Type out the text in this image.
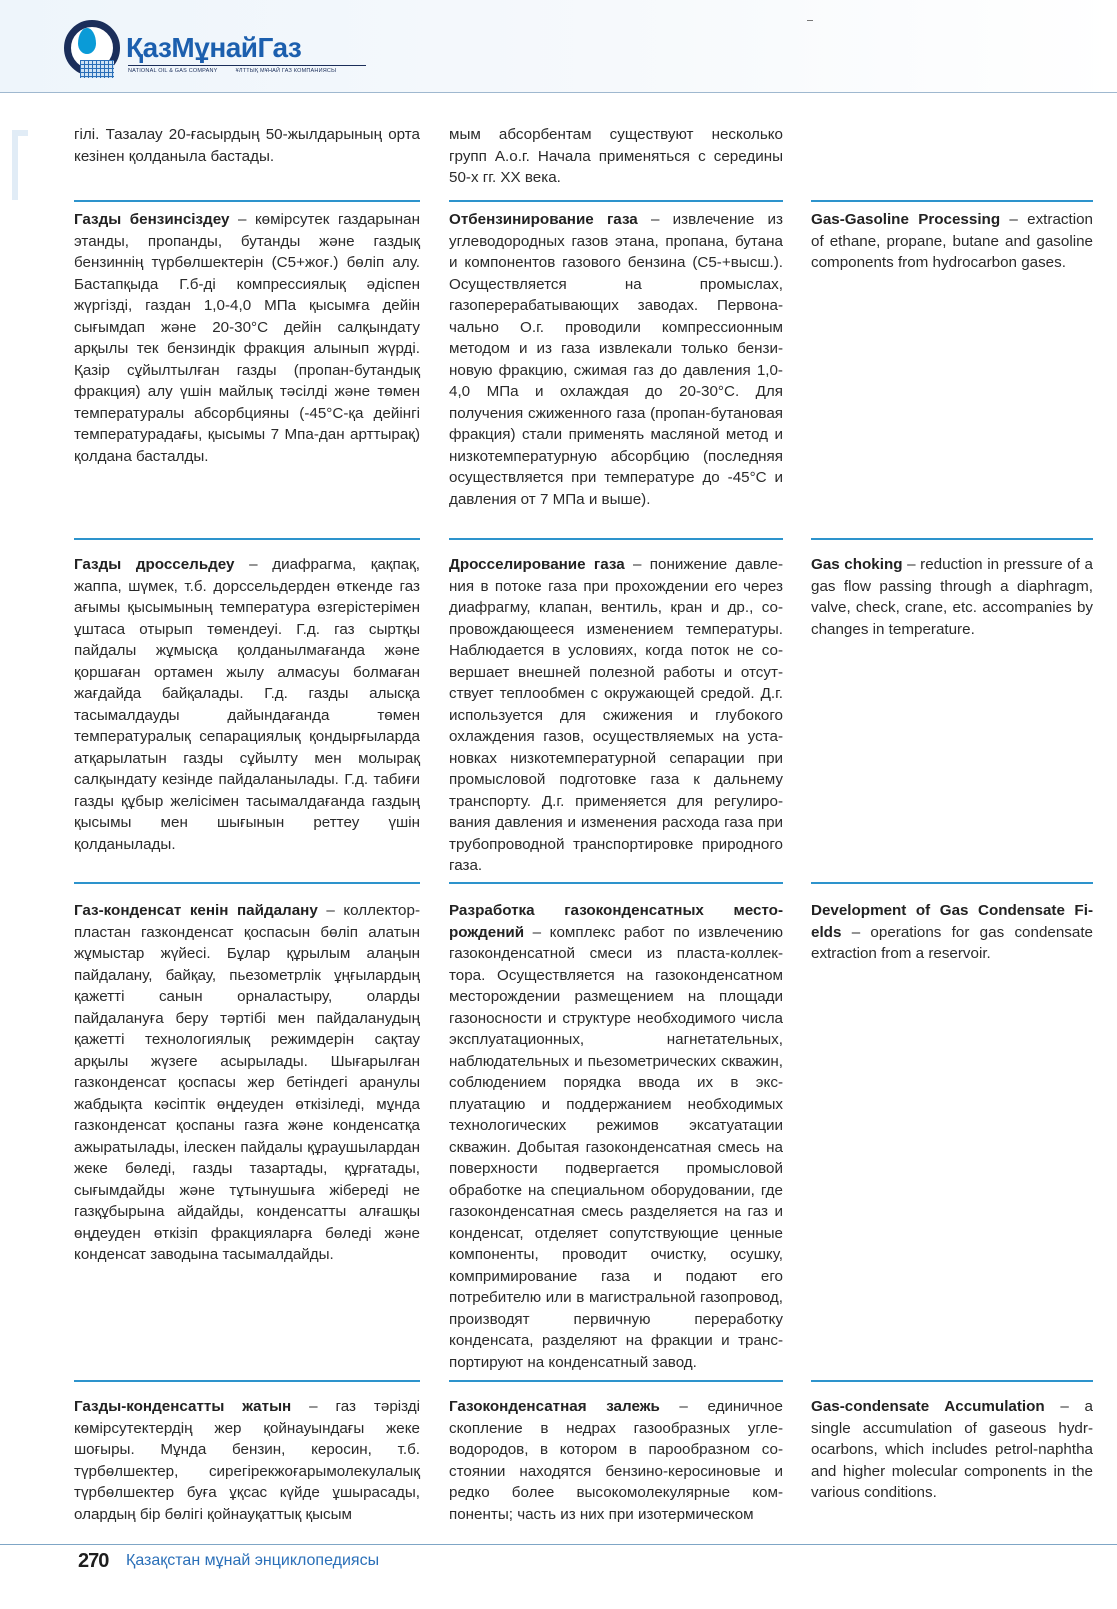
ҚазМұнайГаз
NATIONAL OIL & GAS COMPANY	ҰЛТТЫҚ МҰНАЙ ГАЗ КОМПАНИЯСЫ

гілі. Тазалау 20-ғасырдың 50-жылдарының орта кезінен қолданыла бастады.

мым абсорбентам существуют несколько групп А.о.г. Начала применяться с середины 50-х гг. XX века.

Газды бензинсіздеу – көмірсутек газдарынан этанды, пропанды, бутанды және газдық бензиннің түрбөлшектерін (С5+жоғ.) бөліп алу. Бастапқыда Г.б-ді компрессиялық әдіспен жүргізді, газдан 1,0-4,0 МПа қысымға дейін сығымдап және 20-30°С дейін салқындату арқылы тек бензиндік фракция алынып жүрді. Қазір сұйылтылған газды (пропан-бутандық фракция) алу үшін майлық тәсілді және төмен температуралы абсорбцияны (-45°С-қа дейінгі температурадағы, қысымы 7 Мпа-дан арттырақ) қолдана басталды.

Отбензинирование газа – извлечение из углеводородных газов этана, пропана, бутана и компонентов газового бензина (С5-+высш.). Осуществляется на промыслах, газоперерабатывающих заводах. Первоначально О.г. проводили компрессионным методом и из газа извлекали только бензиновую фракцию, сжимая газ до давления 1,0-4,0 МПа и охлаждая до 20-30°С. Для получения сжиженного газа (пропан-бутановая фракция) стали применять масляной метод и низкотемпературную абсорбцию (последняя осуществляется при температуре до -45°С и давления от 7 МПа и выше).

Gas-Gasoline Processing – extraction of ethane, propane, butane and gasoline components from hydrocarbon gases.

Газды дроссельдеу – диафрагма, қақпақ, жаппа, шүмек, т.б. дорссельдерден өткенде газ ағымы қысымының температура өзгерістерімен ұштаса отырып төмендеуі. Г.д. газ сыртқы пайдалы жұмысқа қолданылмағанда және қоршаған ортамен жылу алмасуы болмаған жағдайда байқалады. Г.д. газды алысқа тасымалдауды дайындағанда төмен температуралық сепарациялық қондырғыларда атқарылатын газды сұйылту мен молырақ салқындату кезінде пайдаланылады. Г.д. табиғи газды құбыр желісімен тасымалдағанда газдың қысымы мен шығынын реттеу үшін қолданылады.

Дросселирование газа – понижение давления в потоке газа при прохождении его через диафрагму, клапан, вентиль, кран и др., сопровождающееся изменением температуры. Наблюдается в условиях, когда поток не совершает внешней полезной работы и отсутствует теплообмен с окружающей средой. Д.г. используется для сжижения и глубокого охлаждения газов, осуществляемых на установках низкотемпературной сепарации при промысловой подготовке газа к дальнему транспорту. Д.г. применяется для регулирования давления и изменения расхода газа при трубопроводной транспортировке природного газа.

Gas choking – reduction in pressure of a gas flow passing through a diaphragm, valve, check, crane, etc. accompanies by changes in temperature.

Газ-конденсат кенін пайдалану – коллектор-пластан газконденсат қоспасын бөліп алатын жұмыстар жүйесі. Бұлар құрылым алаңын пайдалану, байқау, пьезометрлік ұңғылардың қажетті санын орналастыру, оларды пайдалануға беру тәртібі мен пайдаланудың қажетті технологиялық режимдерін сақтау арқылы жүзеге асырылады. Шығарылған газконденсат қоспасы жер бетіндегі аранулы жабдықта кәсіптік өңдеуден өткізіледі, мұнда газконденсат қоспаны газға және конденсатқа ажыратылады, ілескен пайдалы құраушылардан жеке бөледі, газды тазартады, құрғатады, сығымдайды және тұтынушыға жібереді не газқұбырына айдайды, конденсатты алғашқы өңдеуден өткізіп фракцияларға бөледі және конденсат заводына тасымалдайды.

Разработка газоконденсатных месторождений – комплекс работ по извлечению газоконденсатной смеси из пласта-коллектора. Осуществляется на газоконденсатном месторождении размещением на площади газоносности и структуре необходимого числа эксплуатационных, нагнетательных, наблюдательных и пьезометрических скважин, соблюдением порядка ввода их в эксплуатацию и поддержанием необходимых технологических режимов эксатуатации скважин. Добытая газоконденсатная смесь на поверхности подвергается промысловой обработке на специальном оборудовании, где газоконденсатная смесь разделяется на газ и конденсат, отделяет сопутствующие ценные компоненты, проводит очистку, осушку, компримирование газа и подают его потребителю или в магистральной газопровод, производят первичную переработку конденсата, разделяют на фракции и транспортируют на конденсатный завод.

Development of Gas Condensate Fields – operations for gas condensate extraction from a reservoir.

Газды-конденсатты жатын – газ тәрізді көмірсутектердің жер қойнауындағы жеке шоғыры. Мұнда бензин, керосин, т.б. түрбөлшектер, сирегірекжоғарымолекулалық түрбөлшектер буға ұқсас күйде ұшырасады, олардың бір бөлігі қойнауқаттық қысым

Газоконденсатная залежь – единичное скопление в недрах газообразных углеводородов, в котором в парообразном состоянии находятся бензино-керосиновые и редко более высокомолекулярные компоненты; часть из них при изотермическом

Gas-condensate Accumulation – a single accumulation of gaseous hydrocarbons, which includes petrol-naphtha and higher molecular components in the various conditions.

270 Қазақстан мұнай энциклопедиясы
